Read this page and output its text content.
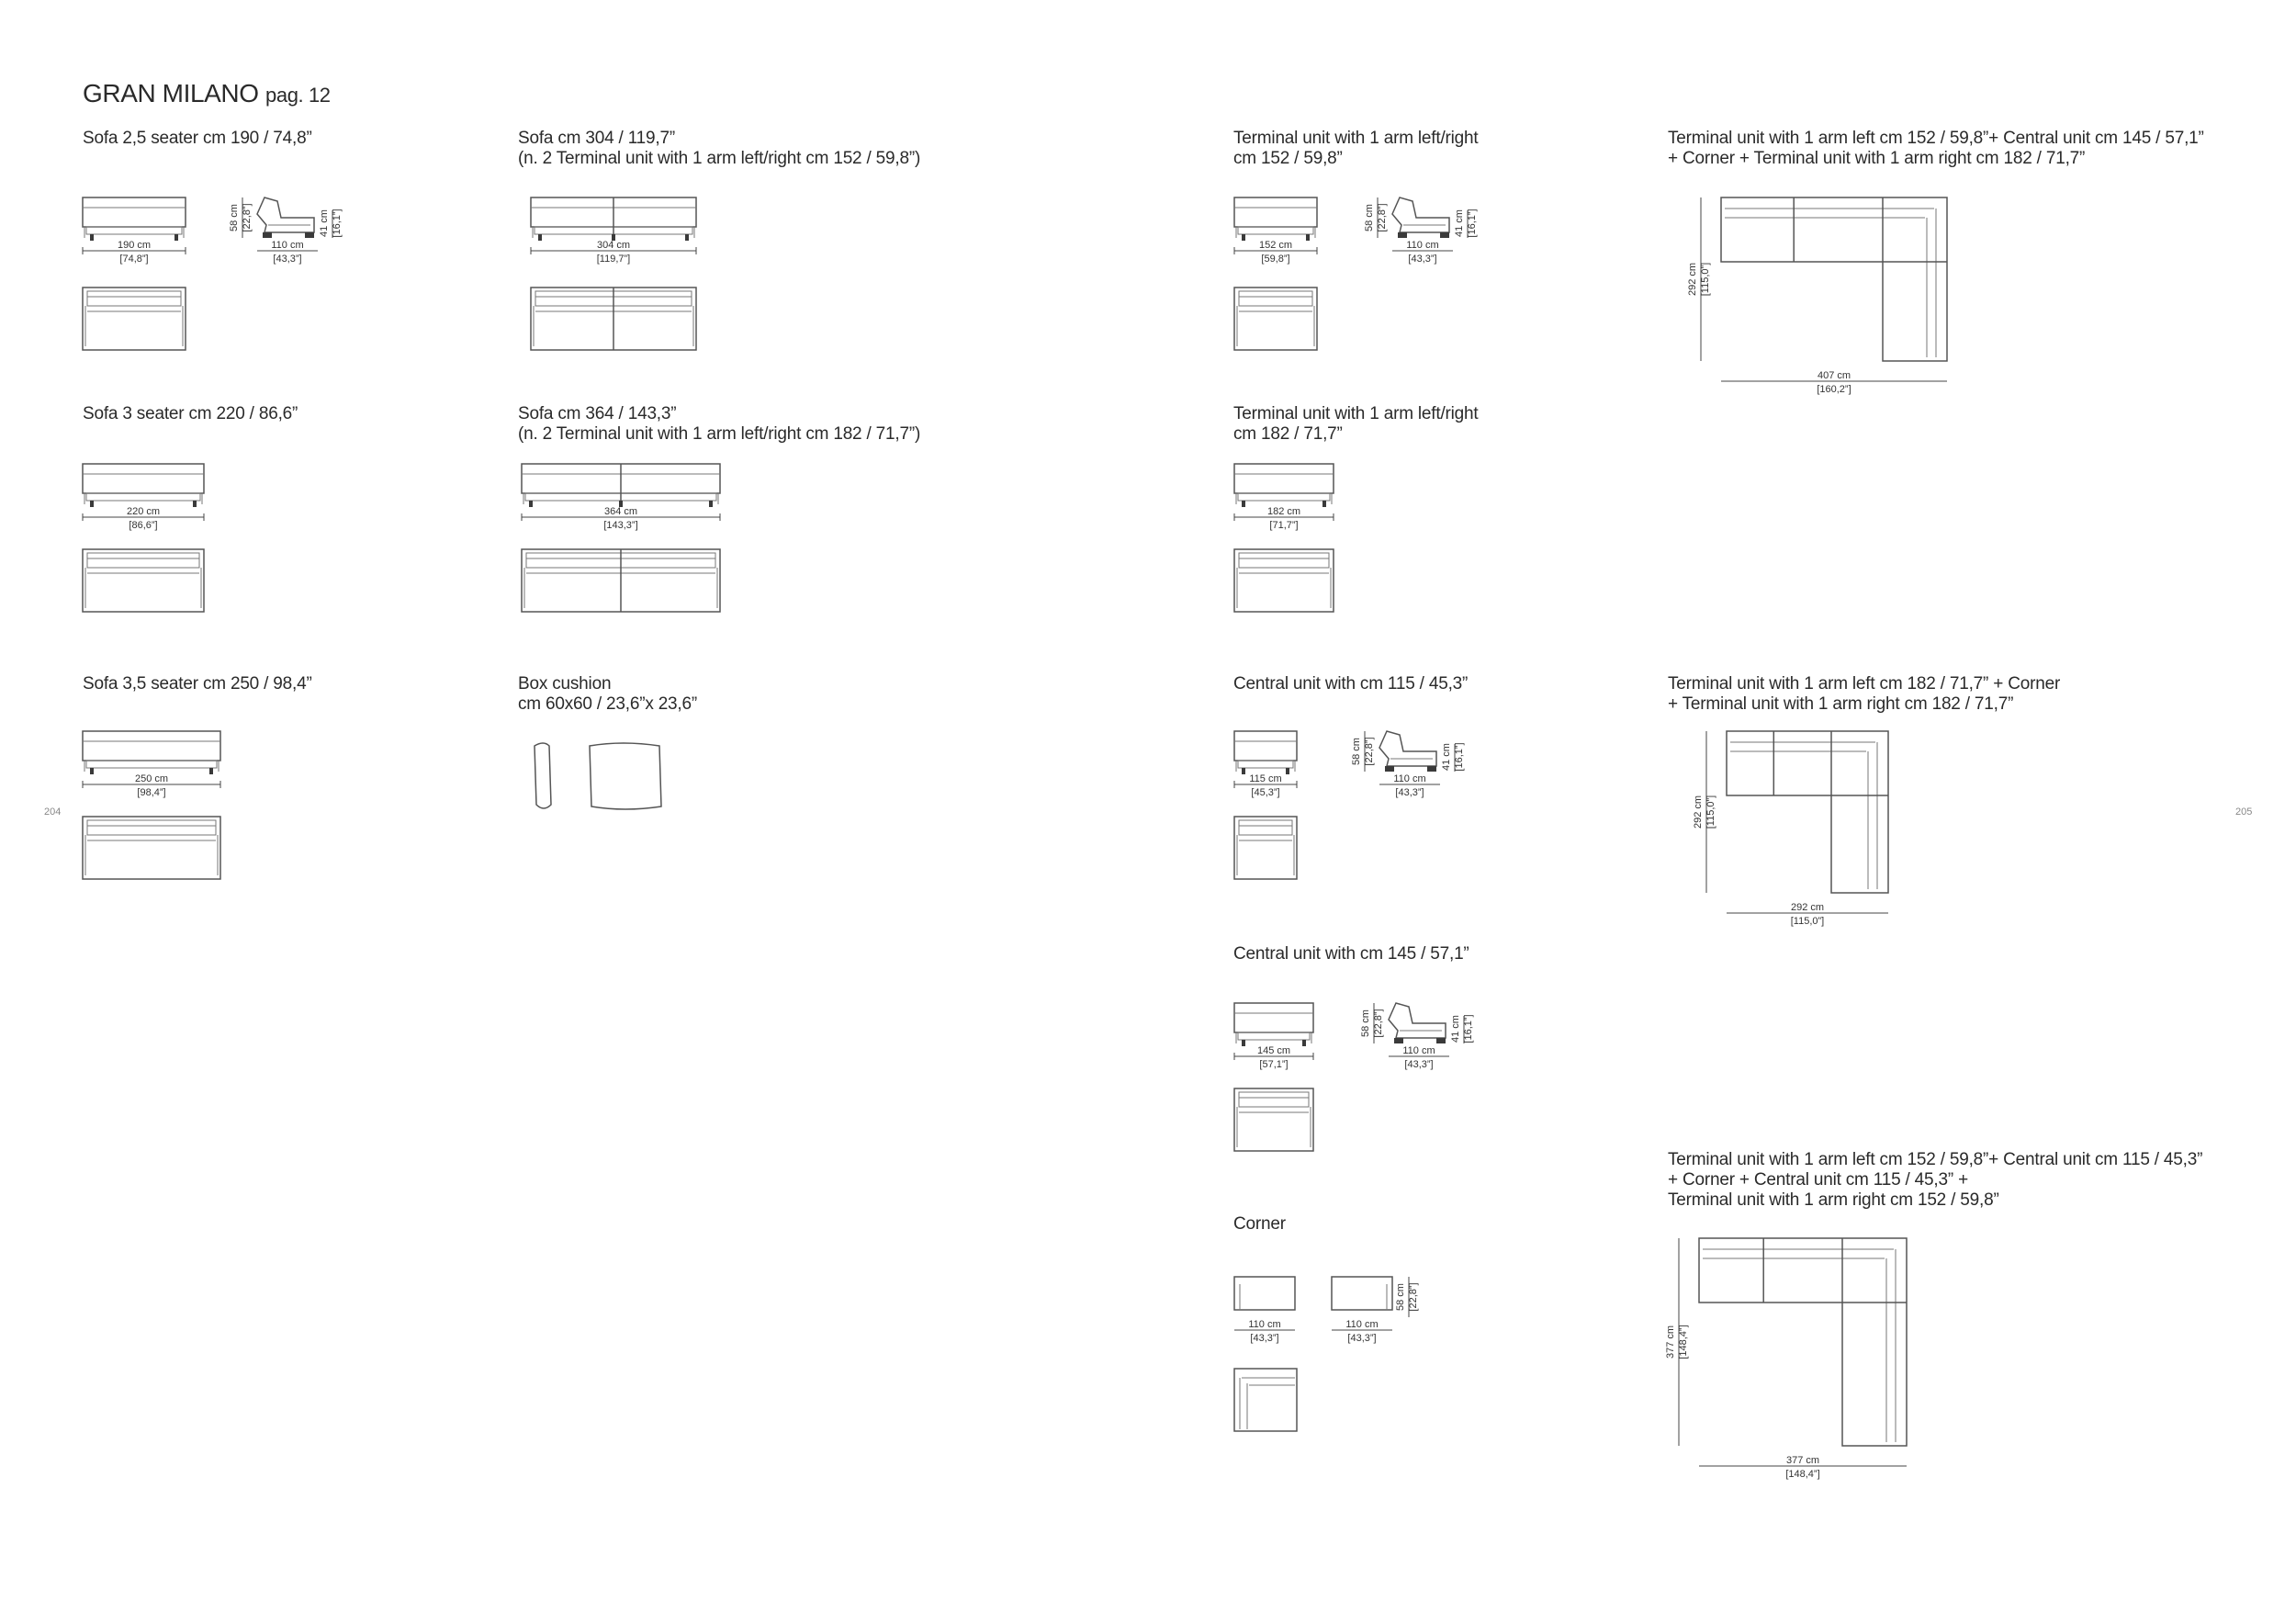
GRAN MILANO pag. 12
Sofa 2,5 seater cm 190 / 74,8”
Sofa 3 seater cm 220 / 86,6”
Sofa 3,5 seater cm 250 / 98,4”
Sofa cm 304 / 119,7”
(n. 2 Terminal unit with 1 arm left/right cm 152 / 59,8”)
Sofa cm 364 / 143,3”
(n. 2 Terminal unit with 1 arm left/right cm 182 / 71,7”)
Box cushion
cm 60x60 / 23,6”x 23,6”
Terminal unit with 1 arm left/right
cm 152 / 59,8”
Terminal unit with 1 arm left/right
cm 182 / 71,7”
Central unit with cm 115 / 45,3”
Central unit with cm 145 / 57,1”
Corner
Terminal unit with 1 arm left cm 152 / 59,8”+ Central unit cm 145 / 57,1”
+ Corner + Terminal unit with 1 arm right cm 182 / 71,7”
Terminal unit with 1 arm left cm 182 / 71,7” + Corner
+ Terminal unit with 1 arm right cm 182 / 71,7”
Terminal unit with 1 arm left cm 152 / 59,8”+ Central unit cm 115 / 45,3”
+ Corner + Central unit cm 115 / 45,3” +
Terminal unit with 1 arm right cm 152 / 59,8”
204	205
190 cm
[74,8”]
58 cm [22,8”]	41 cm [16,1”]
110 cm
[43,3”]
220 cm
[86,6”]
250 cm
[98,4”]
304 cm
[119,7”]
364 cm
[143,3”]
152 cm
[59,8”]
58 cm [22,8”]	41 cm [16,1”]
110 cm
[43,3”]
182 cm
[71,7”]
115 cm
[45,3”]
58 cm [22,8”]	41 cm [16,1”]
110 cm
[43,3”]
145 cm
[57,1”]
58 cm [22,8”]	41 cm [16,1”]
110 cm
[43,3”]
110 cm
[43,3”]
110 cm
[43,3”]
58 cm [22,8”]
407 cm
[160,2”]
292 cm [115,0”]
292 cm
[115,0”]
292 cm [115,0”]
377 cm
[148,4”]
377 cm [148,4”]
